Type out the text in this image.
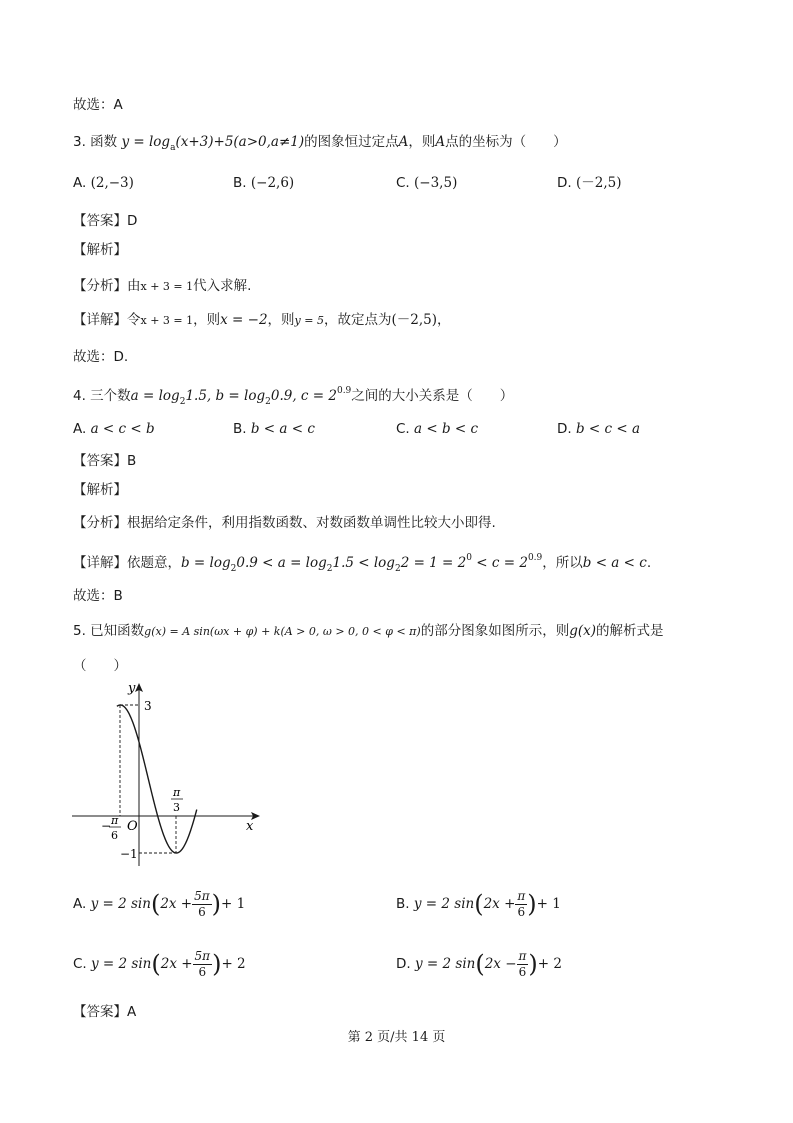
故选：A
3. 函数 $y = \log_a(x+3)+5(a>0,a\ne 1)$的图象恒过定点A，则A点的坐标为（　　）
A. (2,−3)	B. (−2,6)	C. (−3,5)	D. (－2,5)
【答案】D
【解析】
【分析】由x + 3 = 1代入求解.
【详解】令x + 3 = 1，则x = −2，则y = 5，故定点为(－2,5)，
故选：D.
4. 三个数$a = \log_21.5$, $b = \log_20.9$, $c = 2^{0.9}$之间的大小关系是（　　）
A. a < c < b	B. b < a < c	C. a < b < c	D. b < c < a
【答案】B
【解析】
【分析】根据给定条件，利用指数函数、对数函数单调性比较大小即得.
【详解】依题意，$b = \log_20.9 < a = \log_21.5 < \log_22 = 1 = 2^0 < c = 2^{0.9}$，所以b < a < c.
故选：B
5. 已知函数g(x) = A sin(ωx + φ) + k(A > 0, ω > 0, 0 < φ < π)的部分图象如图所示，则g(x)的解析式是
（　　）
y
x
O
3
−1
− π
6
π
3
A. y = 2 $\sin(2x + \frac{5\pi}{6}$ )+ 1	B. y = 2 $\sin(2x + \frac{\pi}{6}$ )+ 1
C. y = 2 $\sin(2x + \frac{5\pi}{6}$ )+ 2	D. y = 2 $\sin(2x - \frac{\pi}{6}$ )+ 2
【答案】A
第 2 页/共 14 页
